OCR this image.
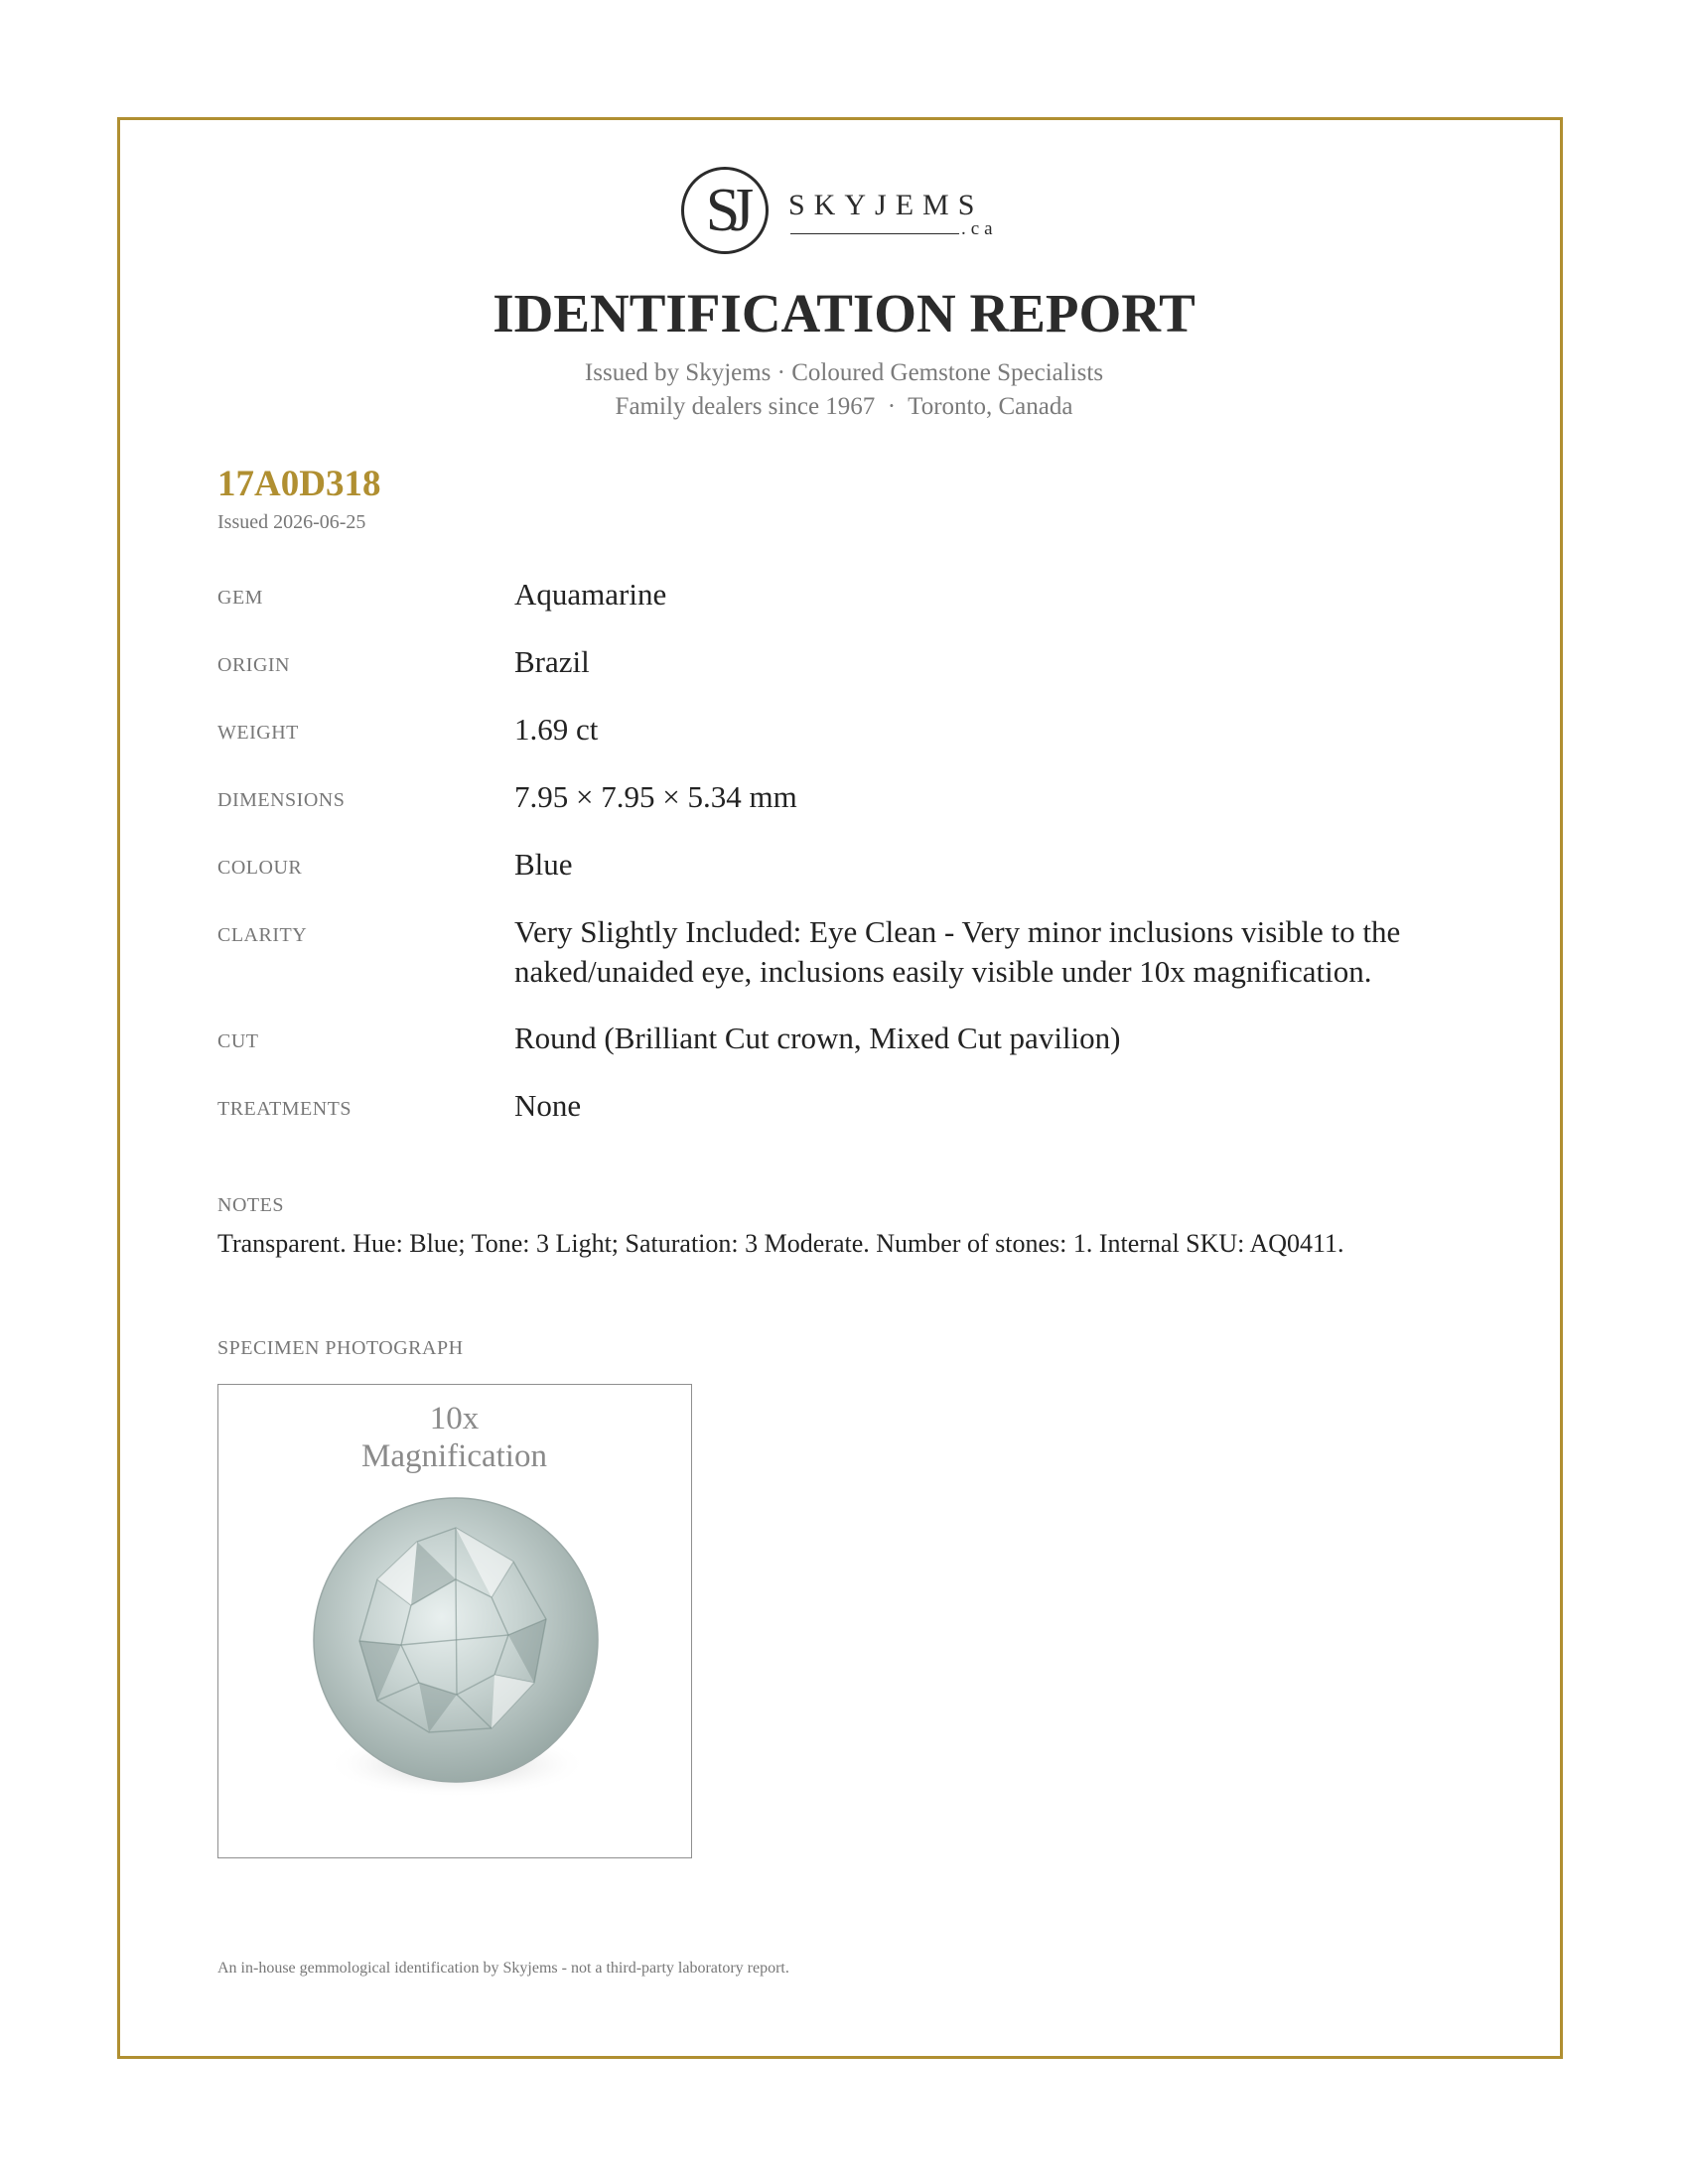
SJ	SKYJEMS
.ca
IDENTIFICATION REPORT
Issued by Skyjems · Coloured Gemstone Specialists
Family dealers since 1967  ·  Toronto, Canada
17A0D318
Issued 2026-06-25
GEM	Aquamarine
ORIGIN	Brazil
WEIGHT	1.69 ct
DIMENSIONS	7.95 × 7.95 × 5.34 mm
COLOUR	Blue
CLARITY	Very Slightly Included: Eye Clean - Very minor inclusions visible to the naked/unaided eye, inclusions easily visible under 10x magnification.
CUT	Round (Brilliant Cut crown, Mixed Cut pavilion)
TREATMENTS	None
NOTES
Transparent. Hue: Blue; Tone: 3 Light; Saturation: 3 Moderate. Number of stones: 1. Internal SKU: AQ0411.
SPECIMEN PHOTOGRAPH
10x
Magnification
An in-house gemmological identification by Skyjems - not a third-party laboratory report.
